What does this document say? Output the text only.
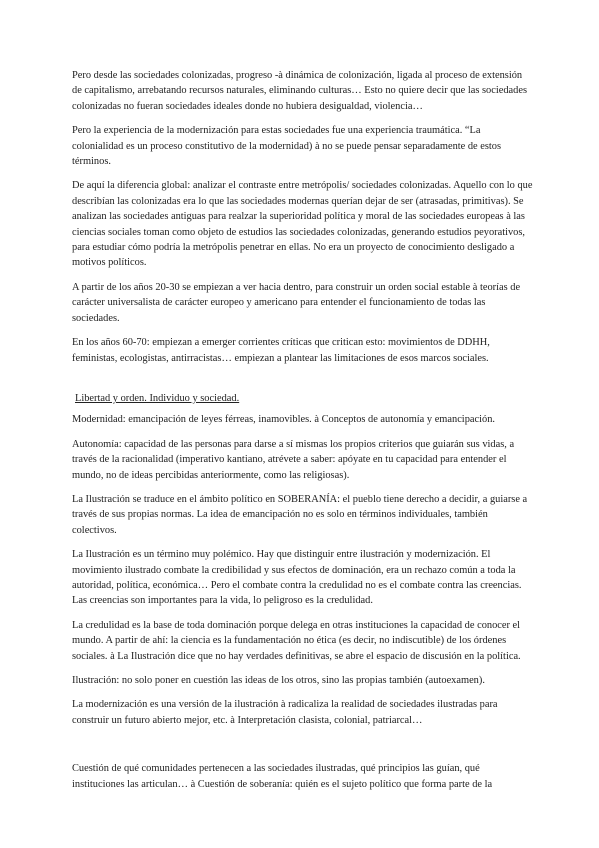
Pero desde las sociedades colonizadas, progreso -à dinámica de colonización, ligada al proceso de extensión de capitalismo, arrebatando recursos naturales, eliminando culturas… Esto no quiere decir que las sociedades colonizadas no fueran sociedades ideales donde no hubiera desigualdad, violencia…

Pero la experiencia de la modernización para estas sociedades fue una experiencia traumática. “La colonialidad es un proceso constitutivo de la modernidad) à no se puede pensar separadamente de estos términos.

De aquí la diferencia global: analizar el contraste entre metrópolis/ sociedades colonizadas. Aquello con lo que describían las colonizadas era lo que las sociedades modernas querían dejar de ser (atrasadas, primitivas). Se analizan las sociedades antiguas para realzar la superioridad política y moral de las sociedades europeas à las ciencias sociales toman como objeto de estudios las sociedades colonizadas, generando estudios peyorativos, para estudiar cómo podría la metrópolis penetrar en ellas. No era un proyecto de conocimiento desligado a motivos políticos.

A partir de los años 20-30 se empiezan a ver hacia dentro, para construir un orden social estable à teorías de carácter universalista de carácter europeo y americano para entender el funcionamiento de todas las sociedades.

En los años 60-70: empiezan a emerger corrientes críticas que critican esto: movimientos de DDHH, feministas, ecologistas, antirracistas… empiezan a plantear las limitaciones de esos marcos sociales.

Libertad y orden. Individuo y sociedad.

Modernidad: emancipación de leyes férreas, inamovibles. à Conceptos de autonomía y emancipación.

Autonomía: capacidad de las personas para darse a sí mismas los propios criterios que guiarán sus vidas, a través de la racionalidad (imperativo kantiano, atrévete a saber: apóyate en tu capacidad para entender el mundo, no de ideas percibidas anteriormente, como las religiosas).

La Ilustración se traduce en el ámbito político en SOBERANÍA: el pueblo tiene derecho a decidir, a guiarse a través de sus propias normas. La idea de emancipación no es solo en términos individuales, también colectivos.

La Ilustración es un término muy polémico. Hay que distinguir entre ilustración y modernización. El movimiento ilustrado combate la credibilidad y sus efectos de dominación, era un rechazo común a toda la autoridad, política, económica… Pero el combate contra la credulidad no es el combate contra las creencias. Las creencias son importantes para la vida, lo peligroso es la credulidad.

La credulidad es la base de toda dominación porque delega en otras instituciones la capacidad de conocer el mundo. A partir de ahí: la ciencia es la fundamentación no ética (es decir, no indiscutible) de los órdenes sociales. à La Ilustración dice que no hay verdades definitivas, se abre el espacio de discusión en la política.

Ilustración: no solo poner en cuestión las ideas de los otros, sino las propias también (autoexamen).

La modernización es una versión de la ilustración à radicaliza la realidad de sociedades ilustradas para construir un futuro abierto mejor, etc. à Interpretación clasista, colonial, patriarcal…

Cuestión de qué comunidades pertenecen a las sociedades ilustradas, qué principios las guían, qué instituciones las articulan… à Cuestión de soberanía: quién es el sujeto político que forma parte de la
